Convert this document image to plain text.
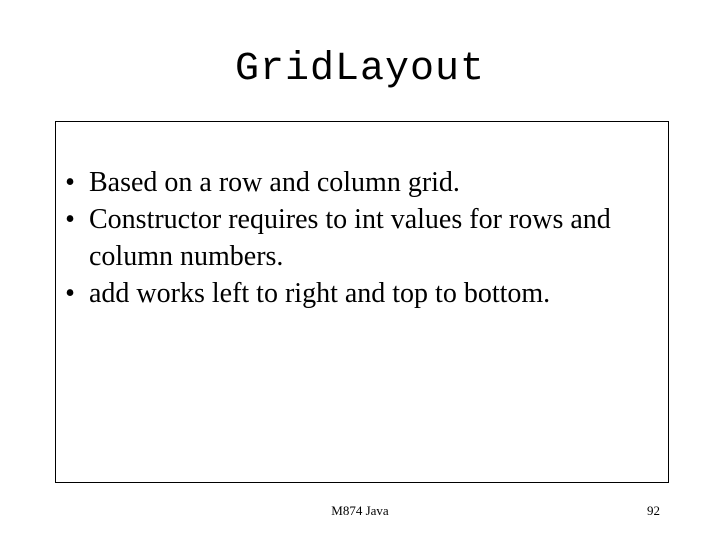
GridLayout
• Based on a row and column grid.
• Constructor requires to int values for rows and column numbers.
• add works left to right and top to bottom.
M874 Java	92
